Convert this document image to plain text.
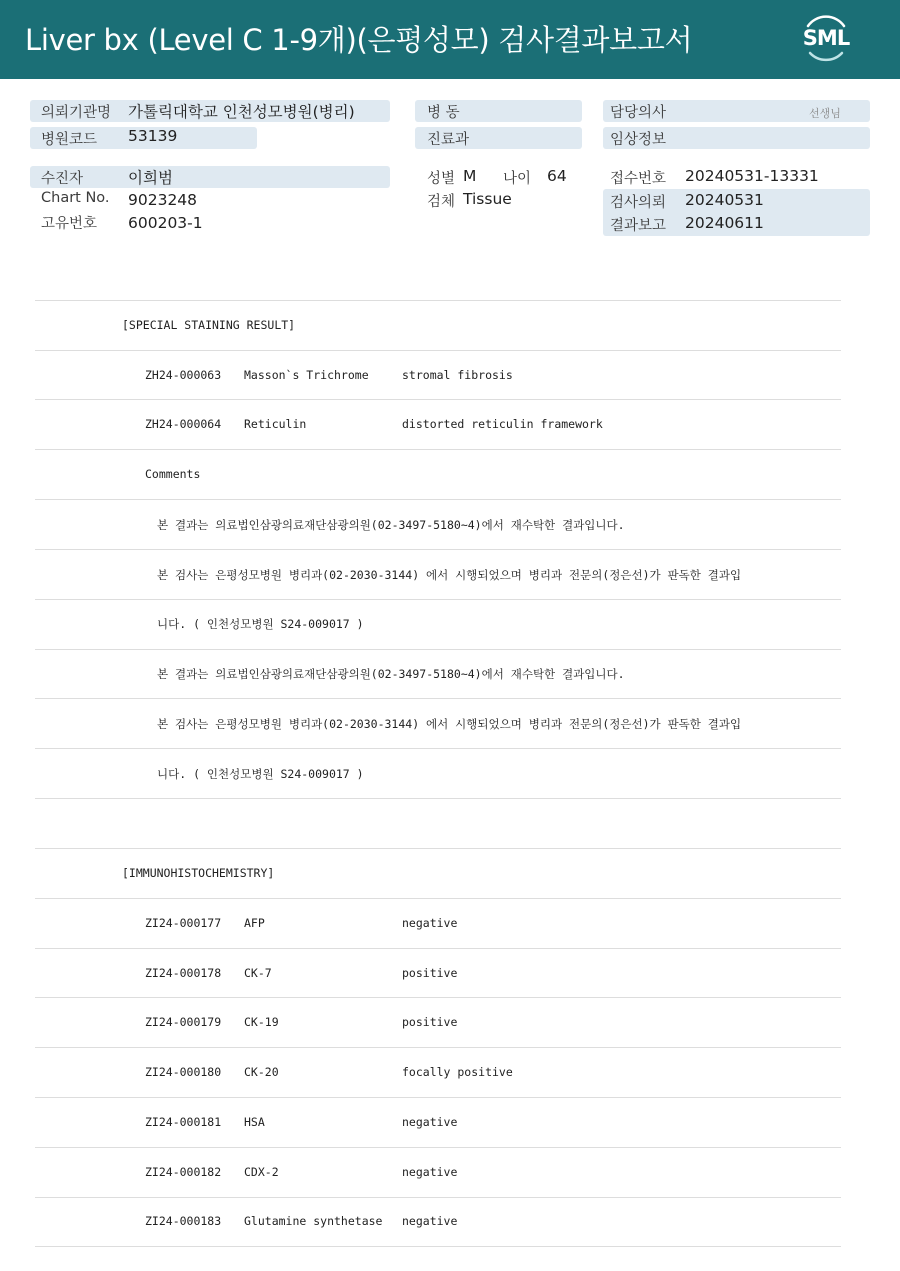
Liver bx (Level C 1-9개)(은평성모) 검사결과보고서	SML
의뢰기관명 가톨릭대학교 인천성모병원(병리)
병원코드 53139
수진자	이희범
Chart No. 9023248
고유번호 600203-1
병 동
진료과
성별 M 나이 64
검체 Tissue
담당의사	선생님
임상정보
접수번호 20240531-13331
검사의뢰 20240531
결과보고 20240611
[SPECIAL STAINING RESULT]
ZH24-000063 Masson`s Trichrome	stromal fibrosis
ZH24-000064 Reticulin	distorted reticulin framework
Comments
본 결과는 의료법인삼광의료재단삼광의원(02-3497-5180~4)에서 재수탁한 결과입니다.
본 검사는 은평성모병원 병리과(02-2030-3144) 에서 시행되었으며 병리과 전문의(정은선)가 판독한 결과입
니다. ( 인천성모병원 S24-009017 )
본 결과는 의료법인삼광의료재단삼광의원(02-3497-5180~4)에서 재수탁한 결과입니다.
본 검사는 은평성모병원 병리과(02-2030-3144) 에서 시행되었으며 병리과 전문의(정은선)가 판독한 결과입
니다. ( 인천성모병원 S24-009017 )
[IMMUNOHISTOCHEMISTRY]
ZI24-000177 AFP	negative
ZI24-000178 CK-7	positive
ZI24-000179 CK-19	positive
ZI24-000180 CK-20	focally positive
ZI24-000181 HSA	negative
ZI24-000182 CDX-2	negative
ZI24-000183 Glutamine synthetase negative
